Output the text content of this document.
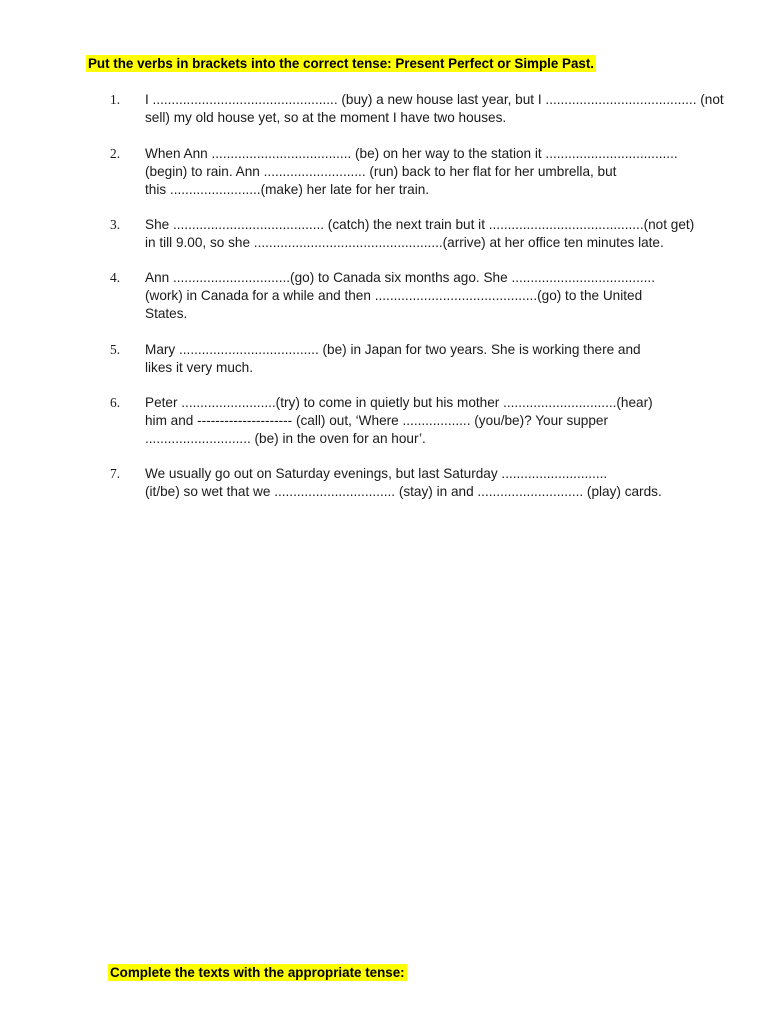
Put the verbs in brackets into the correct tense: Present Perfect or Simple Past.
1. I ................................................. (buy) a new house last year, but I ........................................ (not
sell) my old house yet, so at the moment I have two houses.
2. When Ann ..................................... (be) on her way to the station it ...................................
(begin) to rain. Ann ........................... (run) back to her flat for her umbrella, but
this ........................(make) her late for her train.
3. She ........................................ (catch) the next train but it .........................................(not get)
in till 9.00, so she ..................................................(arrive) at her office ten minutes late.
4. Ann ...............................(go) to Canada six months ago. She ......................................
(work) in Canada for a while and then ...........................................(go) to the United
States.
5. Mary ..................................... (be) in Japan for two years. She is working there and
likes it very much.
6. Peter .........................(try) to come in quietly but his mother ..............................(hear)
him and --------------------- (call) out, ‘Where .................. (you/be)? Your supper
............................ (be) in the oven for an hour’.
7. We usually go out on Saturday evenings, but last Saturday ............................
(it/be) so wet that we ................................ (stay) in and ............................ (play) cards.
Complete the texts with the appropriate tense:
